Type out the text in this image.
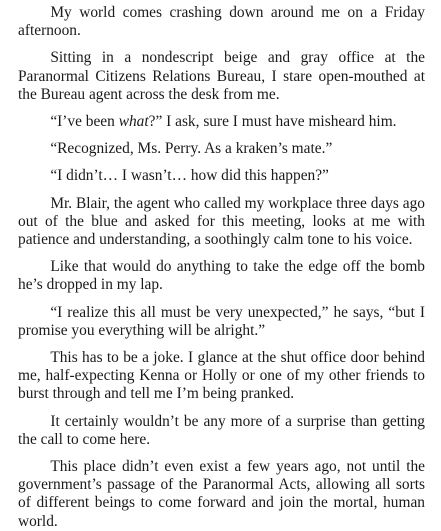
My world comes crashing down around me on a Friday afternoon.

Sitting in a nondescript beige and gray office at the Paranormal Citizens Relations Bureau, I stare open-mouthed at the Bureau agent across the desk from me.

“I’ve been what?” I ask, sure I must have misheard him.

“Recognized, Ms. Perry. As a kraken’s mate.”

“I didn’t… I wasn’t… how did this happen?”

Mr. Blair, the agent who called my workplace three days ago out of the blue and asked for this meeting, looks at me with patience and understanding, a soothingly calm tone to his voice.

Like that would do anything to take the edge off the bomb he’s dropped in my lap.

“I realize this all must be very unexpected,” he says, “but I promise you everything will be alright.”

This has to be a joke. I glance at the shut office door behind me, half-expecting Kenna or Holly or one of my other friends to burst through and tell me I’m being pranked.

It certainly wouldn’t be any more of a surprise than getting the call to come here.

This place didn’t even exist a few years ago, not until the government’s passage of the Paranormal Acts, allowing all sorts of different beings to come forward and join the mortal, human world.
